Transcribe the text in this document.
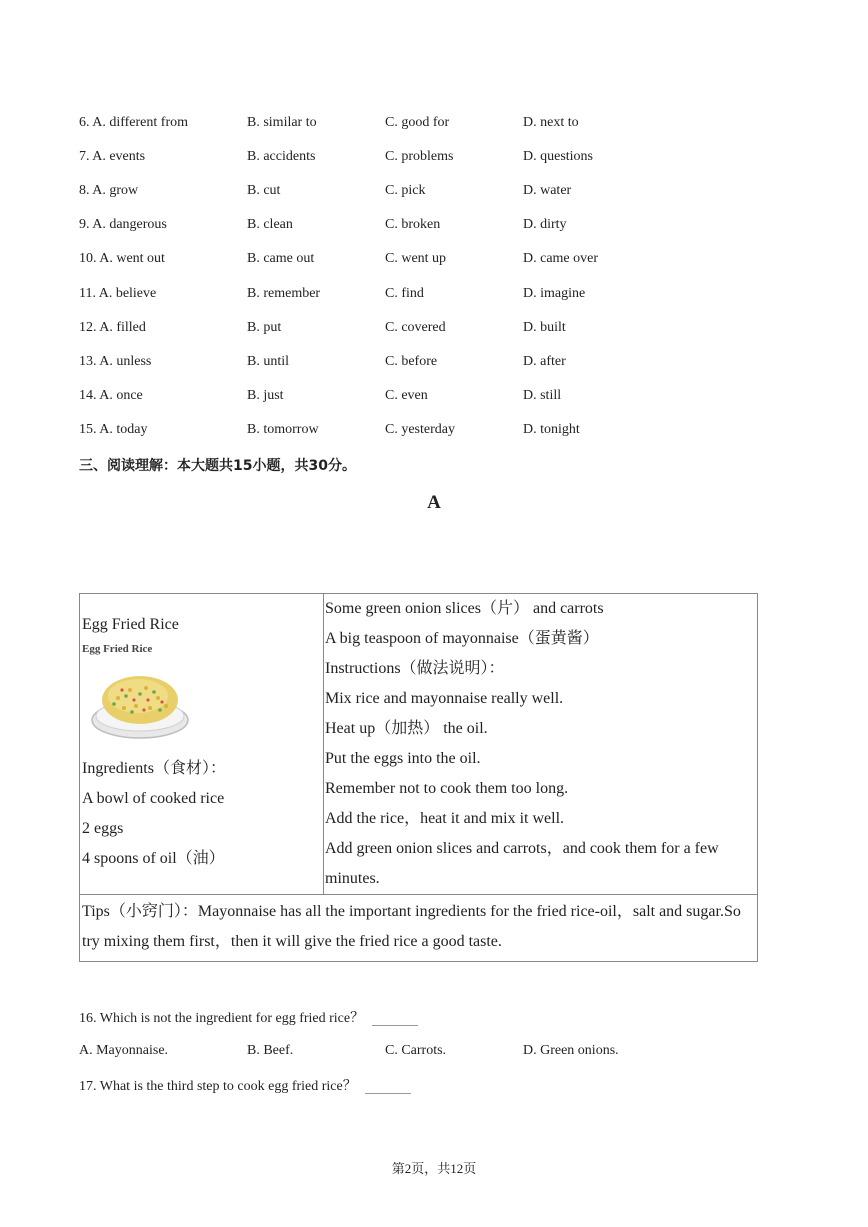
6. A. different from	B. similar to	C. good for	D. next to
7. A. events	B. accidents	C. problems	D. questions
8. A. grow	B. cut	C. pick	D. water
9. A. dangerous	B. clean	C. broken	D. dirty
10. A. went out	B. came out	C. went up	D. came over
11. A. believe	B. remember	C. find	D. imagine
12. A. filled	B. put	C. covered	D. built
13. A. unless	B. until	C. before	D. after
14. A. once	B. just	C. even	D. still
15. A. today	B. tomorrow	C. yesterday	D. tonight
三、阅读理解：本大题共15小题，共30分。
A
Egg Fried Rice
Egg Fried Rice
Ingredients（食材）：
A bowl of cooked rice
2 eggs
4 spoons of oil（油）

Some green onion slices（片） and carrots
A big teaspoon of mayonnaise（蛋黄酱）
Instructions（做法说明）：
Mix rice and mayonnaise really well.
Heat up（加热） the oil.
Put the eggs into the oil.
Remember not to cook them too long.
Add the rice，heat it and mix it well.
Add green onion slices and carrots，and cook them for a few minutes.

Tips（小窍门）：Mayonnaise has all the important ingredients for the fried rice-oil，salt and sugar.So try mixing them first，then it will give the fried rice a good taste.
16. Which is not the ingredient for egg fried rice？
A. Mayonnaise.	B. Beef.	C. Carrots.	D. Green onions.
17. What is the third step to cook egg fried rice？
第2页，共12页
